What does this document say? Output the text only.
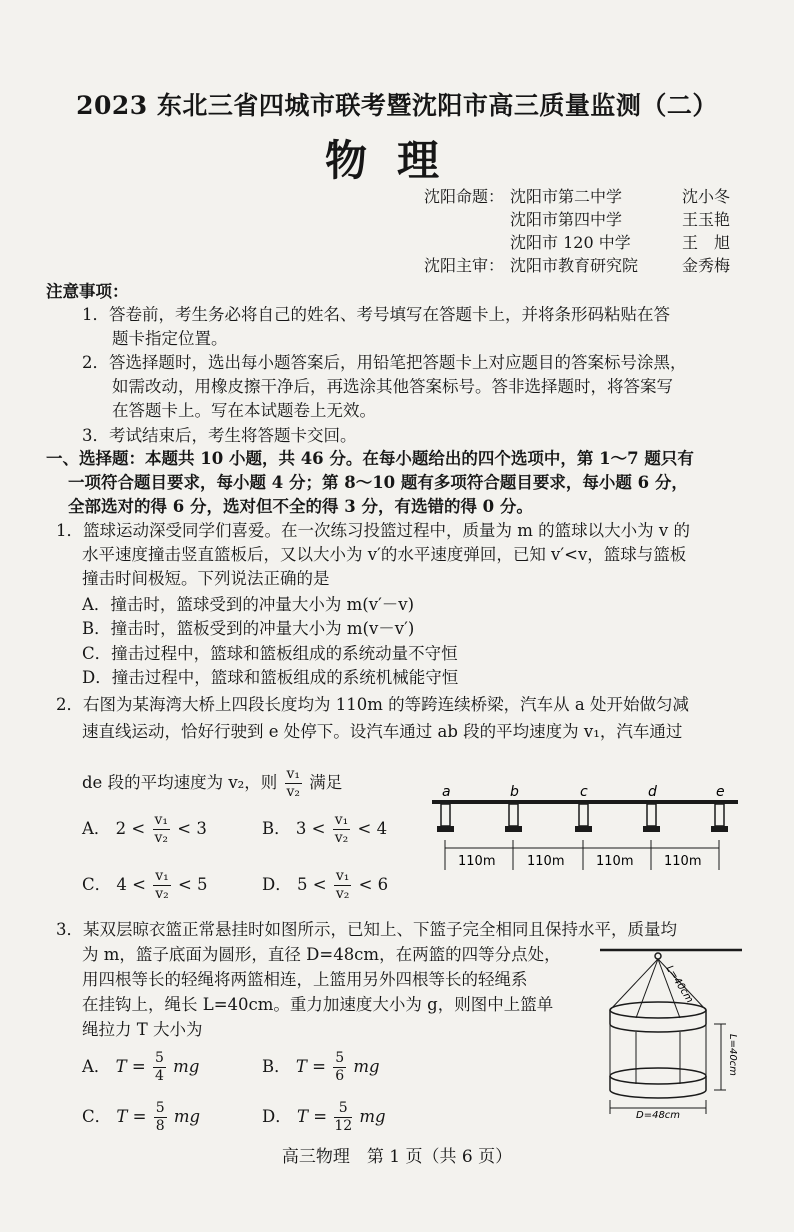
2023 东北三省四城市联考暨沈阳市高三质量监测（二）
物理
沈阳命题： 沈阳市第二中学	沈小冬
沈阳市第四中学	王玉艳
沈阳市 120 中学	王　旭
沈阳主审： 沈阳市教育研究院	金秀梅
注意事项：
1．答卷前，考生务必将自己的姓名、考号填写在答题卡上，并将条形码粘贴在答
题卡指定位置。
2．答选择题时，选出每小题答案后，用铅笔把答题卡上对应题目的答案标号涂黑，
如需改动，用橡皮擦干净后，再选涂其他答案标号。答非选择题时，将答案写
在答题卡上。写在本试题卷上无效。
3．考试结束后，考生将答题卡交回。
一、选择题：本题共 10 小题，共 46 分。在每小题给出的四个选项中，第 1～7 题只有
一项符合题目要求，每小题 4 分；第 8～10 题有多项符合题目要求，每小题 6 分，
全部选对的得 6 分，选对但不全的得 3 分，有选错的得 0 分。
1．篮球运动深受同学们喜爱。在一次练习投篮过程中，质量为 m 的篮球以大小为 v 的
水平速度撞击竖直篮板后，又以大小为 v′的水平速度弹回，已知 v′<v，篮球与篮板
撞击时间极短。下列说法正确的是
A．撞击时，篮球受到的冲量大小为 m(v′－v)
B．撞击时，篮板受到的冲量大小为 m(v－v′)
C．撞击过程中，篮球和篮板组成的系统动量不守恒
D．撞击过程中，篮球和篮板组成的系统机械能守恒
2．右图为某海湾大桥上四段长度均为 110m 的等跨连续桥梁，汽车从 a 处开始做匀减
速直线运动，恰好行驶到 e 处停下。设汽车通过 ab 段的平均速度为 v₁，汽车通过
de 段的平均速度为 v₂，则 $\frac{\text{v₁}}{\text{v₂}}$ 满足
A． $2 < \frac{\text{v₁}}{\text{v₂}} < 3$	B． $3 < \frac{\text{v₁}}{\text{v₂}} < 4$
C． $4 < \frac{\text{v₁}}{\text{v₂}} < 5$	D． $5 < \frac{\text{v₁}}{\text{v₂}} < 6$
a	b	c	d	e
110m 110m 110m 110m
3．某双层晾衣篮正常悬挂时如图所示，已知上、下篮子完全相同且保持水平，质量均
为 m，篮子底面为圆形，直径 D=48cm，在两篮的四等分点处，
用四根等长的轻绳将两篮相连，上篮用另外四根等长的轻绳系
在挂钩上，绳长 L=40cm。重力加速度大小为 g，则图中上篮单
绳拉力 T 大小为
A． $T = \frac{5}{4}$ mg	B． $T = \frac{5}{6}$ mg
C． $T = \frac{5}{8}$ mg	D． $T = \frac{5}{12}$ mg
L=40cm
L=40cm
D=48cm
高三物理　第 1 页（共 6 页）
